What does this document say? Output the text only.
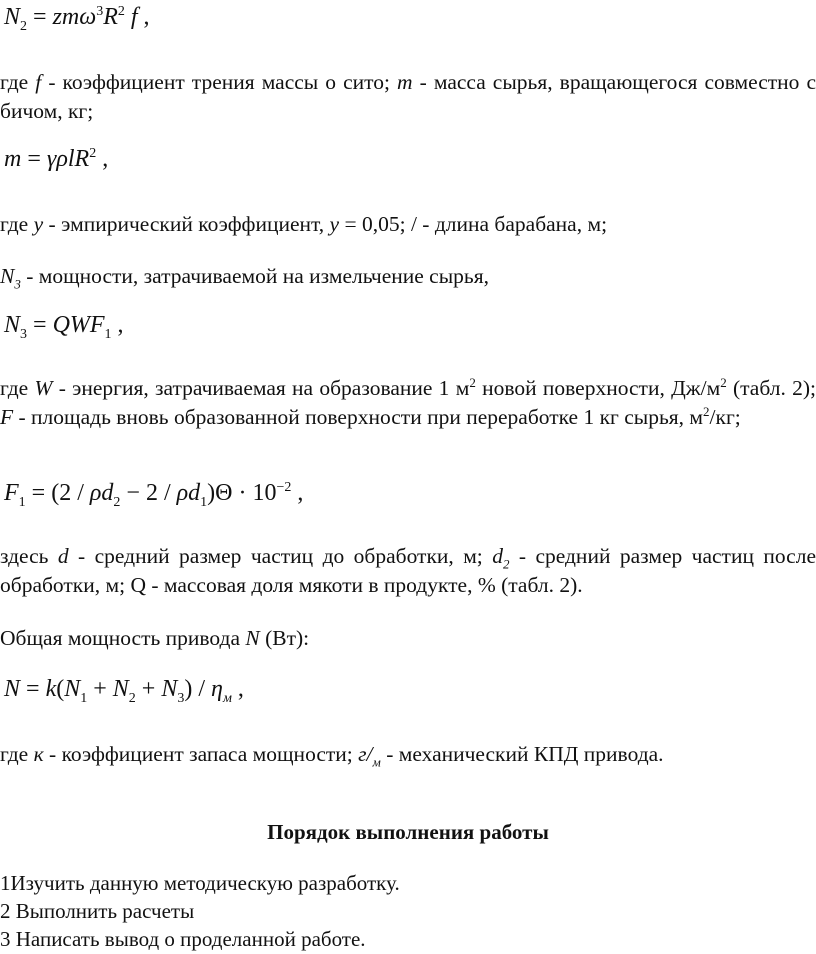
$N_2 = zm\omega^3R^2$ f ,
где f - коэффициент трения массы о сито; m - масса сырья, вращающегося совместно с бичом, кг;
m = γρlR$^2$ ,
где у - эмпирический коэффициент, у = 0,05; / - длина барабана, м;
$N_3$ - мощности, затрачиваемой на измельчение сырья,
$N_3 = QWF_1$ ,
где W - энергия, затрачиваемая на образование 1 $м^2$ новой поверхности, $Дж/м^2$ (табл. 2); F - площадь вновь образованной поверхности при переработке 1 кг сырья, $м^2/кг$;
$F_1 = (2 / \rho d_2 - 2 / \rho d_1)\Theta \cdot 10^{-2}$ ,
здесь d - средний размер частиц до обработки, м; $d_2$ - средний размер частиц после обработки, м; Q - массовая доля мякоти в продукте, % (табл. 2).
Общая мощность привода N (Вт):
$N = k(N_1 + N_2 + N_3) / \eta_м$ ,
где к - коэффициент запаса мощности; $г/_м$ - механический КПД привода.
Порядок выполнения работы
1Изучить данную методическую разработку.
2 Выполнить расчеты
3 Написать вывод о проделанной работе.
